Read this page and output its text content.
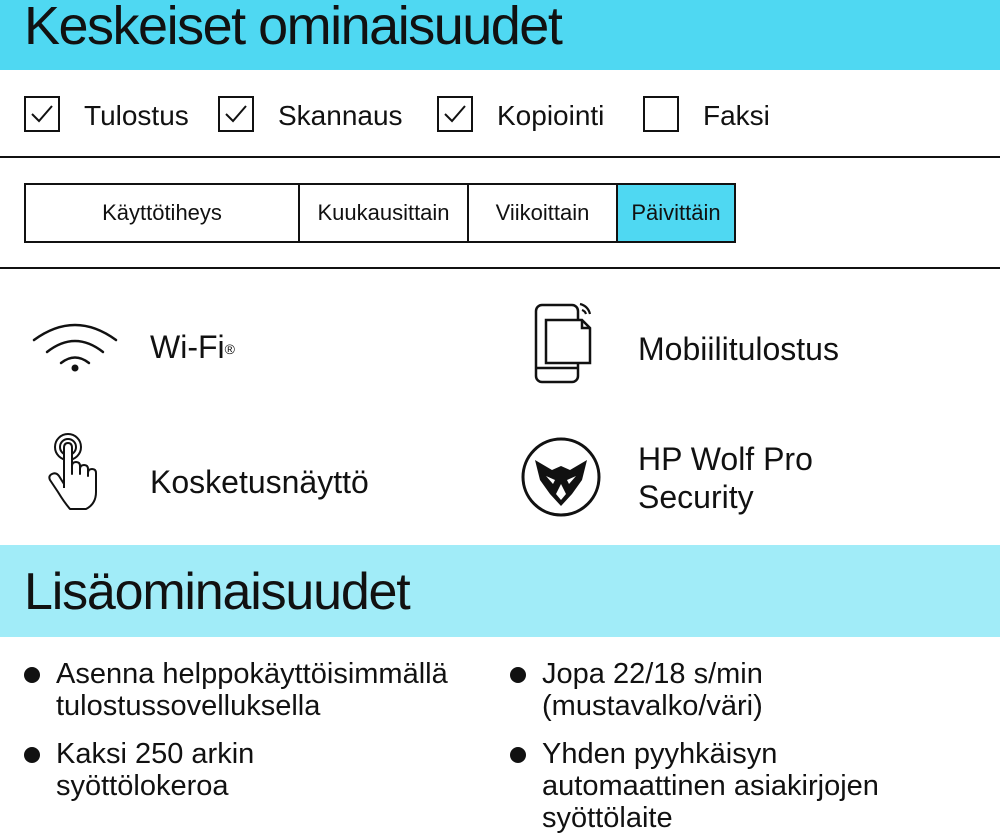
Keskeiset ominaisuudet
Tulostus	Skannaus	Kopiointi	Faksi
Käyttötiheys	Kuukausittain	Viikoittain	Päivittäin
Wi-Fi®	Mobiilitulostus
Kosketusnäyttö
HP Wolf Pro
Security
Lisäominaisuudet
Asenna helppokäyttöisimmällä
tulostussovelluksella
Jopa 22/18 s/min
(mustavalko/väri)
Kaksi 250 arkin
syöttölokeroa
Yhden pyyhkäisyn
automaattinen asiakirjojen
syöttölaite
